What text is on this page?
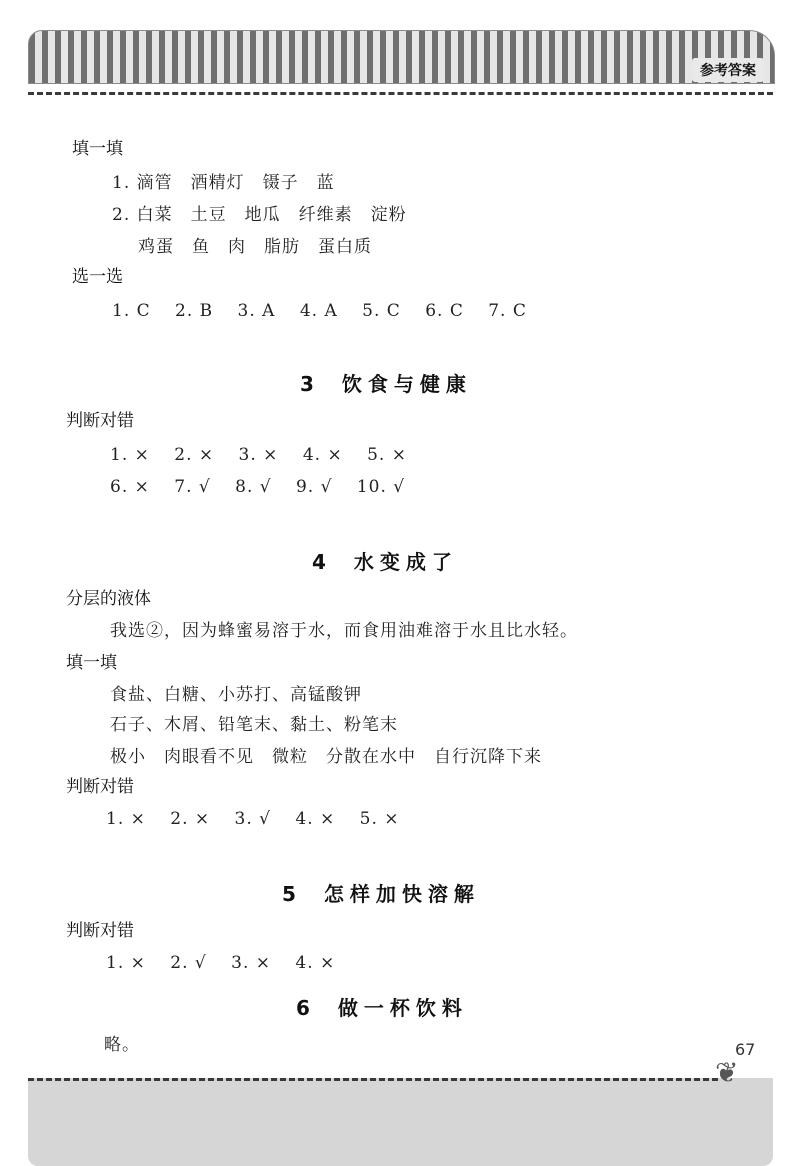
参考答案
填一填
1. 滴管　酒精灯　镊子　蓝
2. 白菜　土豆　地瓜　纤维素　淀粉
鸡蛋　鱼　肉　脂肪　蛋白质
选一选
1. C　 2. B　 3. A　 4. A　 5. C　 6. C　 7. C
3 饮食与健康
判断对错
1. ×　 2. ×　 3. ×　 4. ×　 5. ×
6. ×　 7. √　 8. √　 9. √　 10. √
4 水变成了
分层的液体
我选②，因为蜂蜜易溶于水，而食用油难溶于水且比水轻。
填一填
食盐、白糖、小苏打、高锰酸钾
石子、木屑、铅笔末、黏土、粉笔末
极小　肉眼看不见　微粒　分散在水中　自行沉降下来
判断对错
1. ×　 2. ×　 3. √　 4. ×　 5. ×
5 怎样加快溶解
判断对错
1. ×　 2. √　 3. ×　 4. ×
6 做一杯饮料
略。
❦
67
